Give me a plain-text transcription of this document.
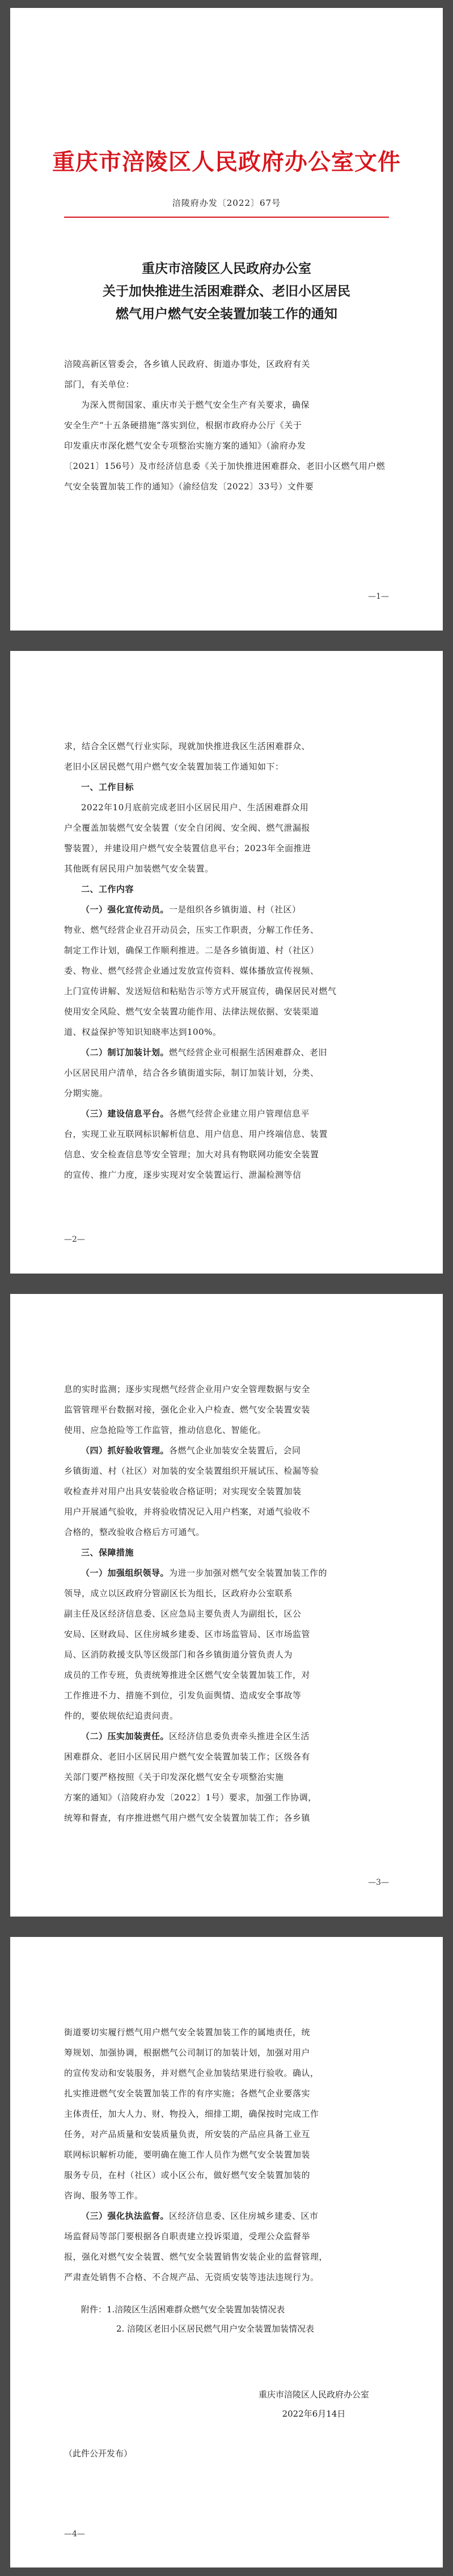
重庆市涪陵区人民政府办公室文件
涪陵府办发〔2022〕67号
重庆市涪陵区人民政府办公室
关于加快推进生活困难群众、老旧小区居民
燃气用户燃气安全装置加装工作的通知
涪陵高新区管委会，各乡镇人民政府、街道办事处，区政府有关
部门，有关单位：
为深入贯彻国家、重庆市关于燃气安全生产有关要求，确保
安全生产“十五条硬措施”落实到位，根据市政府办公厅《关于
印发重庆市深化燃气安全专项整治实施方案的通知》（渝府办发
〔2021〕156号）及市经济信息委《关于加快推进困难群众、老旧小区燃气用户燃
气安全装置加装工作的通知》（渝经信发〔2022〕33号）文件要
—1—
求，结合全区燃气行业实际，现就加快推进我区生活困难群众、
老旧小区居民燃气用户燃气安全装置加装工作通知如下：
一、工作目标
2022年10月底前完成老旧小区居民用户、生活困难群众用
户全覆盖加装燃气安全装置（安全自闭阀、安全阀、燃气泄漏报
警装置），并建设用户燃气安全装置信息平台；2023年全面推进
其他既有居民用户加装燃气安全装置。
二、工作内容
（一）强化宣传动员。一是组织各乡镇街道、村（社区）
物业、燃气经营企业召开动员会，压实工作职责，分解工作任务、
制定工作计划，确保工作顺利推进。二是各乡镇街道、村（社区）
委、物业、燃气经营企业通过发放宣传资料、媒体播放宣传视频、
上门宣传讲解、发送短信和粘贴告示等方式开展宣传，确保居民对燃气
使用安全风险、燃气安全装置功能作用、法律法规依据、安装渠道
道、权益保护等知识知晓率达到100%。
（二）制订加装计划。燃气经营企业可根据生活困难群众、老旧
小区居民用户清单，结合各乡镇街道实际，制订加装计划，分类、
分期实施。
（三）建设信息平台。各燃气经营企业建立用户管理信息平
台，实现工业互联网标识解析信息、用户信息、用户终端信息、装置
信息、安全检查信息等安全管理；加大对具有物联网功能安全装置
的宣传、推广力度，逐步实现对安全装置运行、泄漏检测等信
—2—
息的实时监测；逐步实现燃气经营企业用户安全管理数据与安全
监管管理平台数据对接，强化企业入户检查、燃气安全装置安装
使用、应急抢险等工作监管，推动信息化、智能化。
（四）抓好验收管理。各燃气企业加装安全装置后，会同
乡镇街道、村（社区）对加装的安全装置组织开展试压、检漏等验
收检查并对用户出具安装验收合格证明；对实现安全装置加装
用户开展通气验收，并将验收情况记入用户档案，对通气验收不
合格的，整改验收合格后方可通气。
三、保障措施
（一）加强组织领导。为进一步加强对燃气安全装置加装工作的
领导，成立以区政府分管副区长为组长，区政府办公室联系
副主任及区经济信息委、区应急局主要负责人为副组长，区公
安局、区财政局、区住房城乡建委、区市场监管局、区市场监管
局、区消防救援支队等区级部门和各乡镇街道分管负责人为
成员的工作专班，负责统筹推进全区燃气安全装置加装工作，对
工作推进不力、措施不到位，引发负面舆情、造成安全事故等
件的，要依规依纪追责问责。
（二）压实加装责任。区经济信息委负责牵头推进全区生活
困难群众、老旧小区居民用户燃气安全装置加装工作；区级各有
关部门要严格按照《关于印发深化燃气安全专项整治实施
方案的通知》（涪陵府办发〔2022〕1号）要求，加强工作协调，
统筹和督查，有序推进燃气用户燃气安全装置加装工作；各乡镇
—3—
街道要切实履行燃气用户燃气安全装置加装工作的属地责任，统
筹规划、加强协调，根据燃气公司制订的加装计划，加强对用户
的宣传发动和安装服务，并对燃气企业加装结果进行验收。确认，
扎实推进燃气安全装置加装工作的有序实施；各燃气企业要落实
主体责任，加大人力、财、物投入，细排工期，确保按时完成工作
任务，对产品质量和安装质量负责，所安装的产品应具备工业互
联网标识解析功能，要明确在施工作人员作为燃气安全装置加装
服务专员，在村（社区）或小区公布，做好燃气安全装置加装的
咨询、服务等工作。
（三）强化执法监督。区经济信息委、区住房城乡建委、区市
场监督局等部门要根据各自职责建立投诉渠道，受理公众监督举
报，强化对燃气安全装置、燃气安全装置销售安装企业的监督管理，
严肃查处销售不合格、不合规产品、无资质安装等违法违规行为。
附件：1.涪陵区生活困难群众燃气安全装置加装情况表
2. 涪陵区老旧小区居民燃气用户安全装置加装情况表
重庆市涪陵区人民政府办公室
2022年6月14日
（此件公开发布）
—4—
